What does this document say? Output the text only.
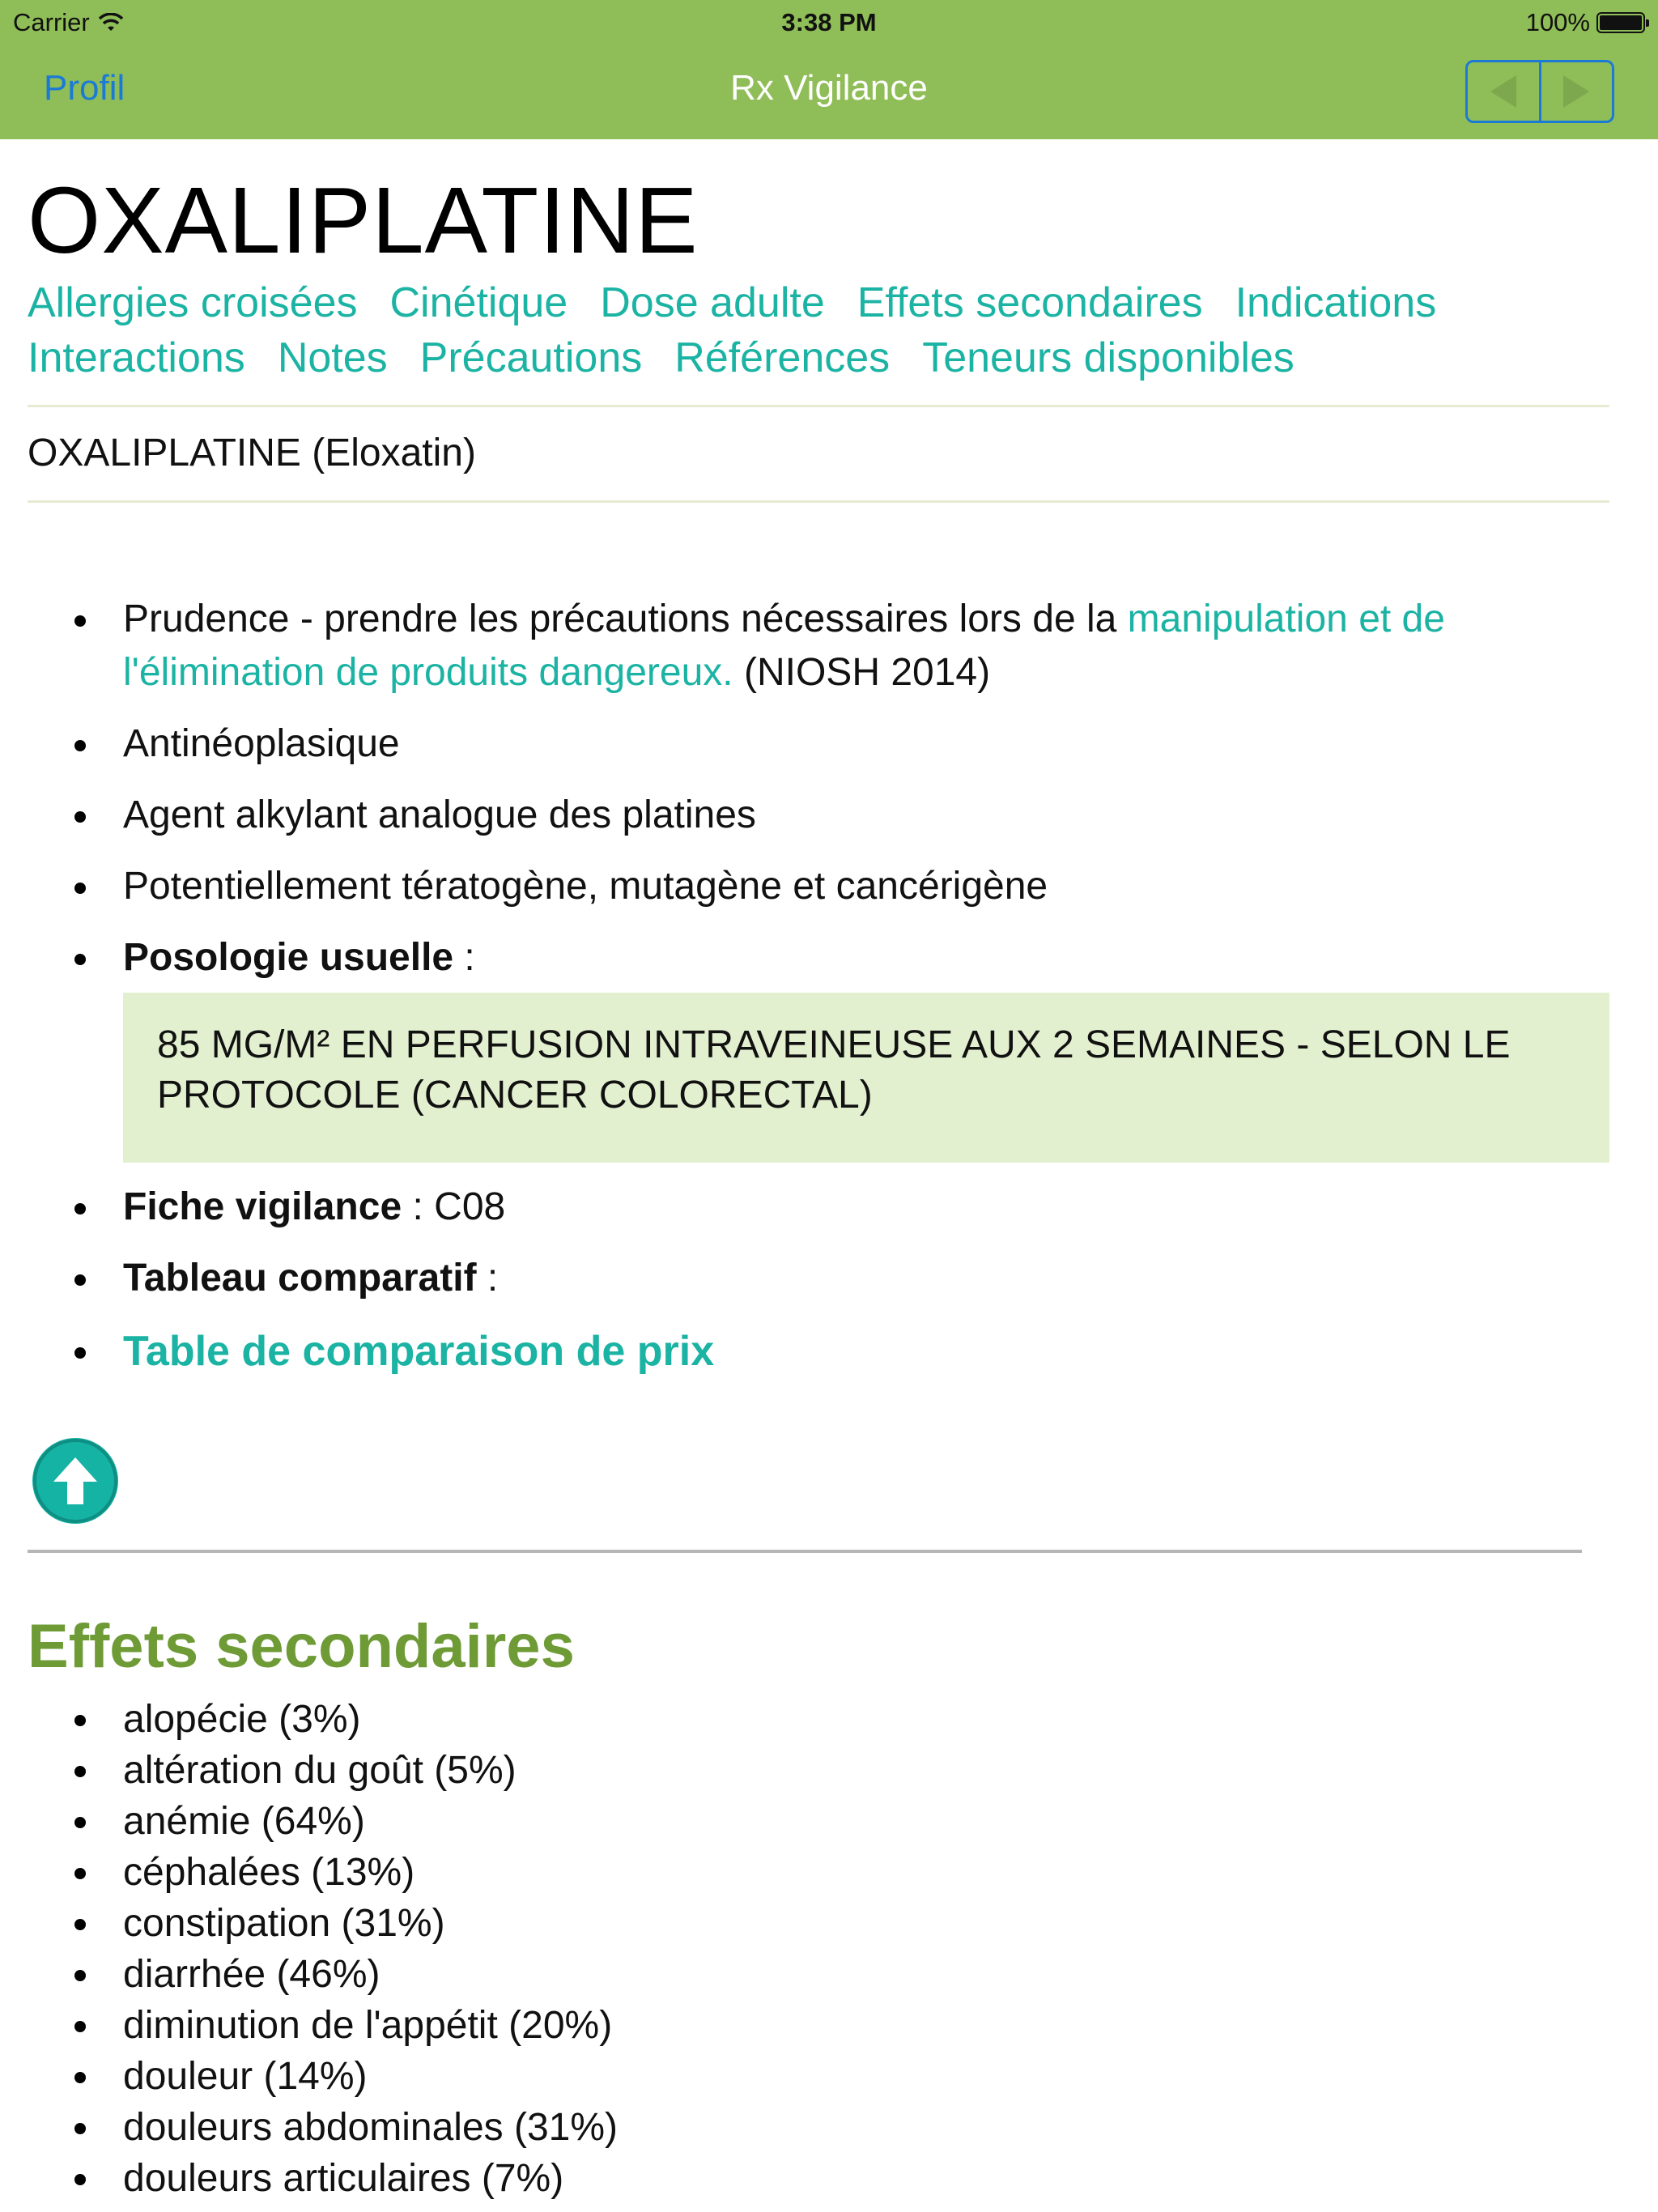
Carrier	3:38 PM	100%
Profil	Rx Vigilance
OXALIPLATINE
Allergies croisées Cinétique Dose adulte Effets secondaires Indications
Interactions Notes Précautions Références Teneurs disponibles
OXALIPLATINE (Eloxatin)
Prudence - prendre les précautions nécessaires lors de la manipulation et de l'élimination de produits dangereux. (NIOSH 2014)
Antinéoplasique
Agent alkylant analogue des platines
Potentiellement tératogène, mutagène et cancérigène
Posologie usuelle :
85 MG/M² EN PERFUSION INTRAVEINEUSE AUX 2 SEMAINES - SELON LE PROTOCOLE (CANCER COLORECTAL)
Fiche vigilance : C08
Tableau comparatif :
Table de comparaison de prix
Effets secondaires
alopécie (3%)
altération du goût (5%)
anémie (64%)
céphalées (13%)
constipation (31%)
diarrhée (46%)
diminution de l'appétit (20%)
douleur (14%)
douleurs abdominales (31%)
douleurs articulaires (7%)
